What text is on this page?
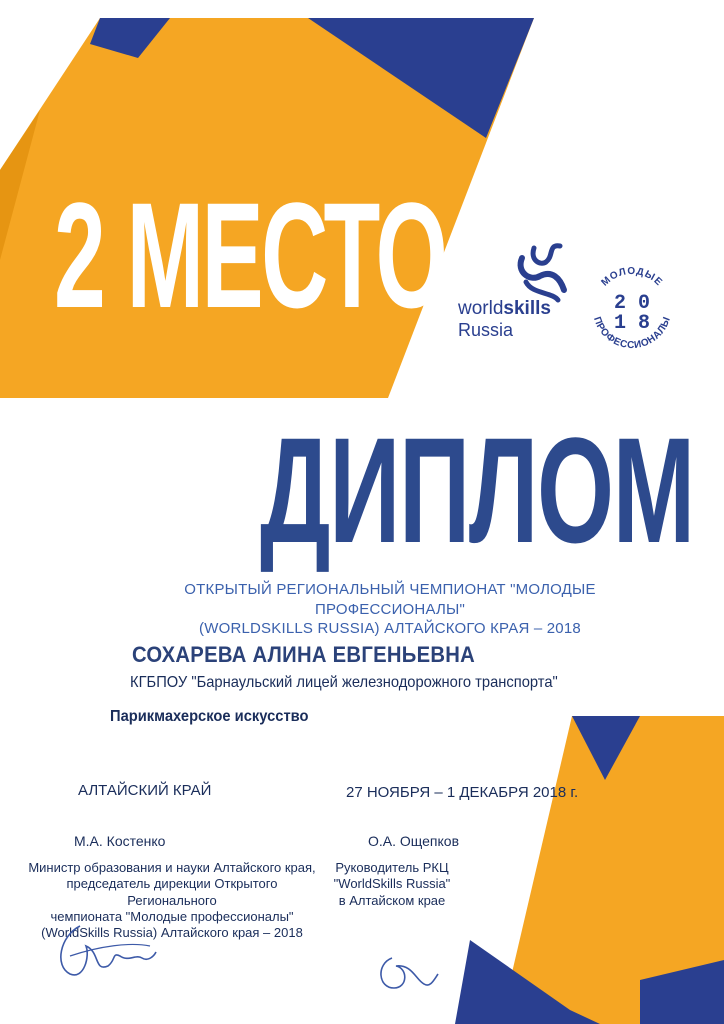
2 МЕСТО worldskills
Russia
МОЛОДЫЕ
ПРОФЕССИОНАЛЫ
2 0
1 8
ДИПЛОМ
ОТКРЫТЫЙ РЕГИОНАЛЬНЫЙ ЧЕМПИОНАТ "МОЛОДЫЕ ПРОФЕССИОНАЛЫ"
(WORLDSKILLS RUSSIA) АЛТАЙСКОГО КРАЯ – 2018
СОХАРЕВА АЛИНА ЕВГЕНЬЕВНА
КГБПОУ "Барнаульский лицей железнодорожного транспорта"
Парикмахерское искусство
АЛТАЙСКИЙ КРАЙ	27 НОЯБРЯ – 1 ДЕКАБРЯ 2018 г.
М.А. Костенко
Министр образования и науки Алтайского края,
председатель дирекции Открытого Регионального
чемпионата "Молодые профессионалы"
(WorldSkills Russia) Алтайского края – 2018
О.А. Ощепков
Руководитель РКЦ
"WorldSkills Russia"
в Алтайском крае
